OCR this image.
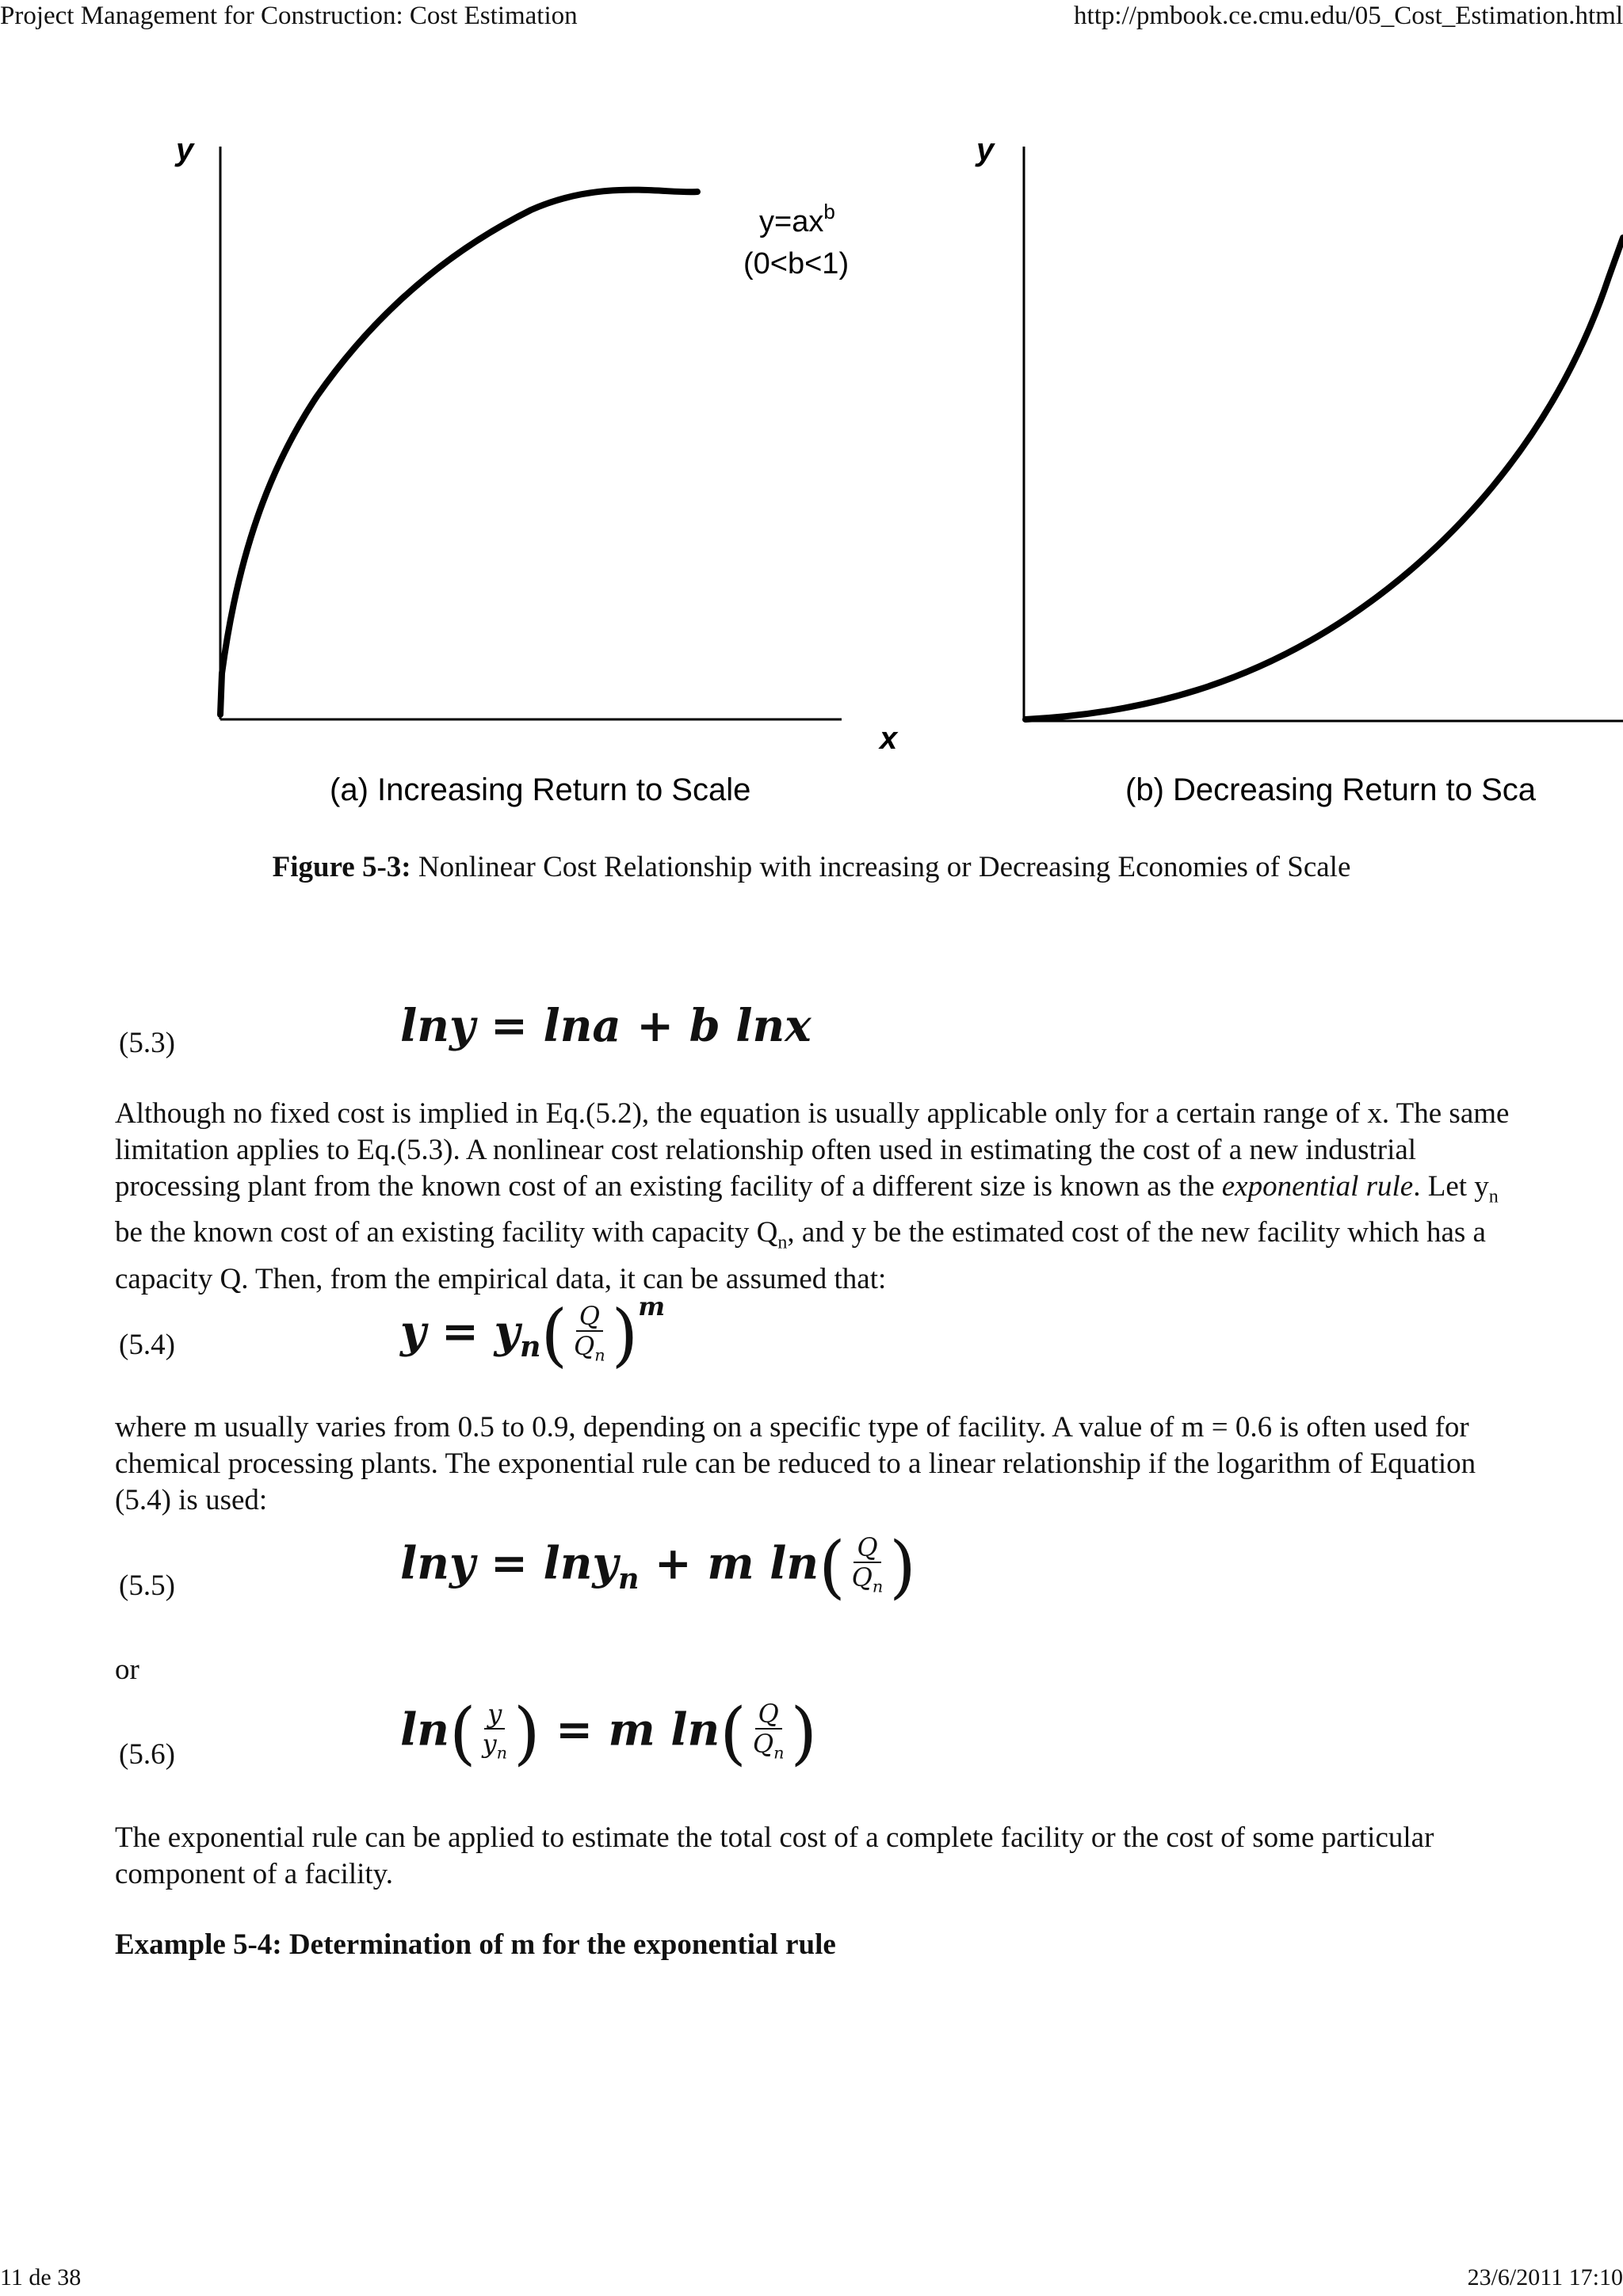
Project Management for Construction: Cost Estimation	http://pmbook.ce.cmu.edu/05_Cost_Estimation.html
y
x
$y=ax^b$
(0<b<1)
(a) Increasing Return to Scale
y
(b) Decreasing Return to Sca
Figure 5-3: Nonlinear Cost Relationship with increasing or Decreasing Economies of Scale
(5.3)	lny = lna + b lnx
Although no fixed cost is implied in Eq.(5.2), the equation is usually applicable only for a certain range of x. The same limitation applies to Eq.(5.3). A nonlinear cost relationship often used in estimating the cost of a new industrial processing plant from the known cost of an existing facility of a different size is known as the exponential rule. Let $y_n$ be the known cost of an existing facility with capacity $Q_n$, and y be the estimated cost of the new facility which has a capacity Q. Then, from the empirical data, it can be assumed that:
(5.4)	$y = y_n( \frac{Q}{Q_n} )^m$
where m usually varies from 0.5 to 0.9, depending on a specific type of facility. A value of m = 0.6 is often used for chemical processing plants. The exponential rule can be reduced to a linear relationship if the logarithm of Equation (5.4) is used:
(5.5)	lny = lny$_n$ + m $\ln( \frac{Q}{Q_n}$ )
or
(5.6)	$\ln( \frac{y}{y_n}$ ) = m $\ln( \frac{Q}{Q_n}$ )
The exponential rule can be applied to estimate the total cost of a complete facility or the cost of some particular component of a facility.
Example 5-4: Determination of m for the exponential rule
11 de 38	23/6/2011 17:10
